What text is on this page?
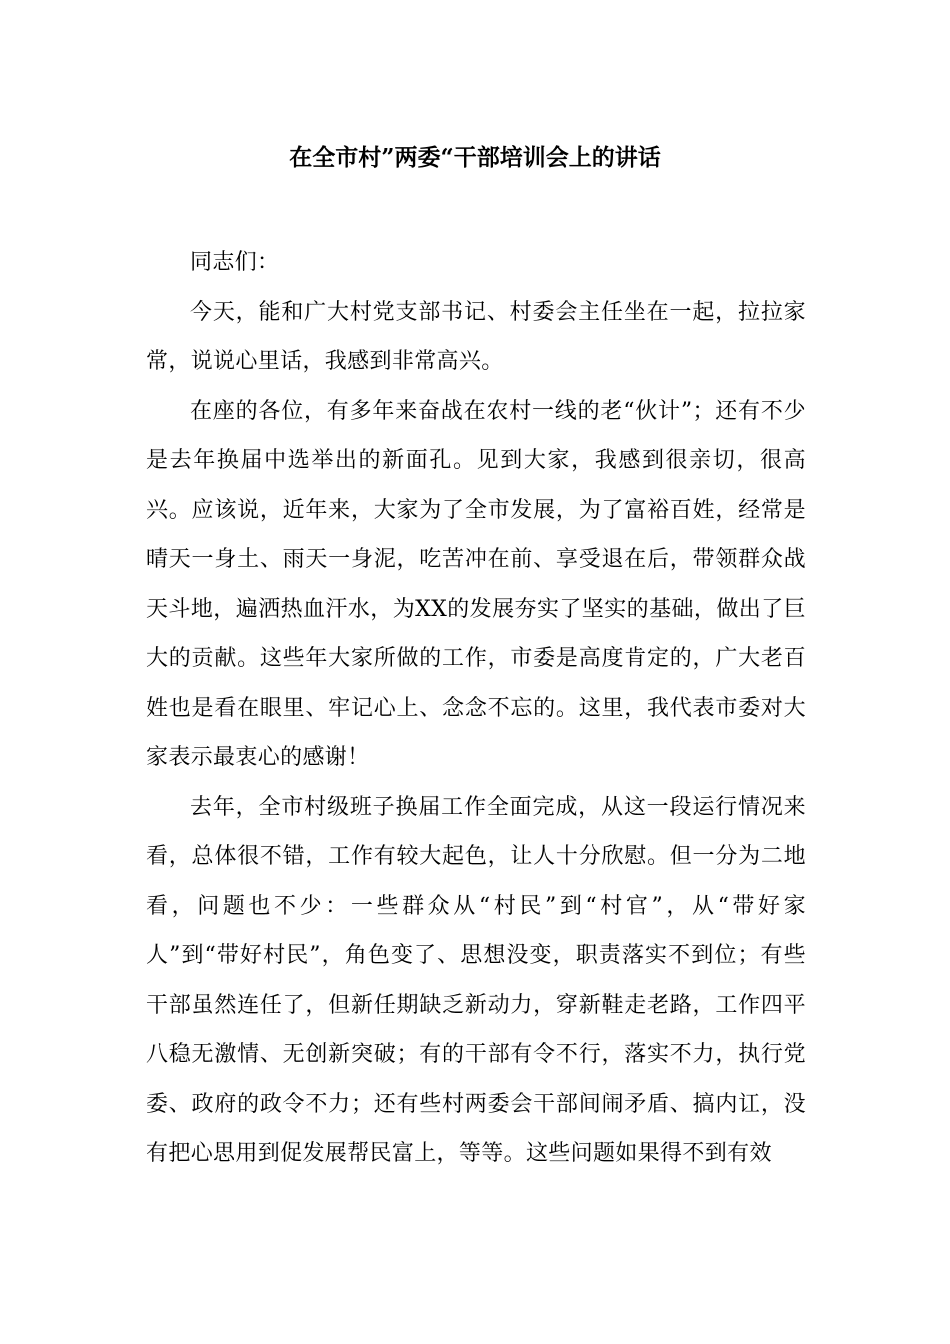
在全市村”两委“干部培训会上的讲话

同志们：

今天，能和广大村党支部书记、村委会主任坐在一起，拉拉家常，说说心里话，我感到非常高兴。

在座的各位，有多年来奋战在农村一线的老“伙计”；还有不少是去年换届中选举出的新面孔。见到大家，我感到很亲切，很高兴。应该说，近年来，大家为了全市发展，为了富裕百姓，经常是晴天一身土、雨天一身泥，吃苦冲在前、享受退在后，带领群众战天斗地，遍洒热血汗水，为XX的发展夯实了坚实的基础，做出了巨大的贡献。这些年大家所做的工作，市委是高度肯定的，广大老百姓也是看在眼里、牢记心上、念念不忘的。这里，我代表市委对大家表示最衷心的感谢！

去年，全市村级班子换届工作全面完成，从这一段运行情况来看，总体很不错，工作有较大起色，让人十分欣慰。但一分为二地看，问题也不少：一些群众从“村民”到“村官”，从“带好家人”到“带好村民”，角色变了、思想没变，职责落实不到位；有些干部虽然连任了，但新任期缺乏新动力，穿新鞋走老路，工作四平八稳无激情、无创新突破；有的干部有令不行，落实不力，执行党委、政府的政令不力；还有些村两委会干部间闹矛盾、搞内讧，没有把心思用到促发展帮民富上，等等。这些问题如果得不到有效
